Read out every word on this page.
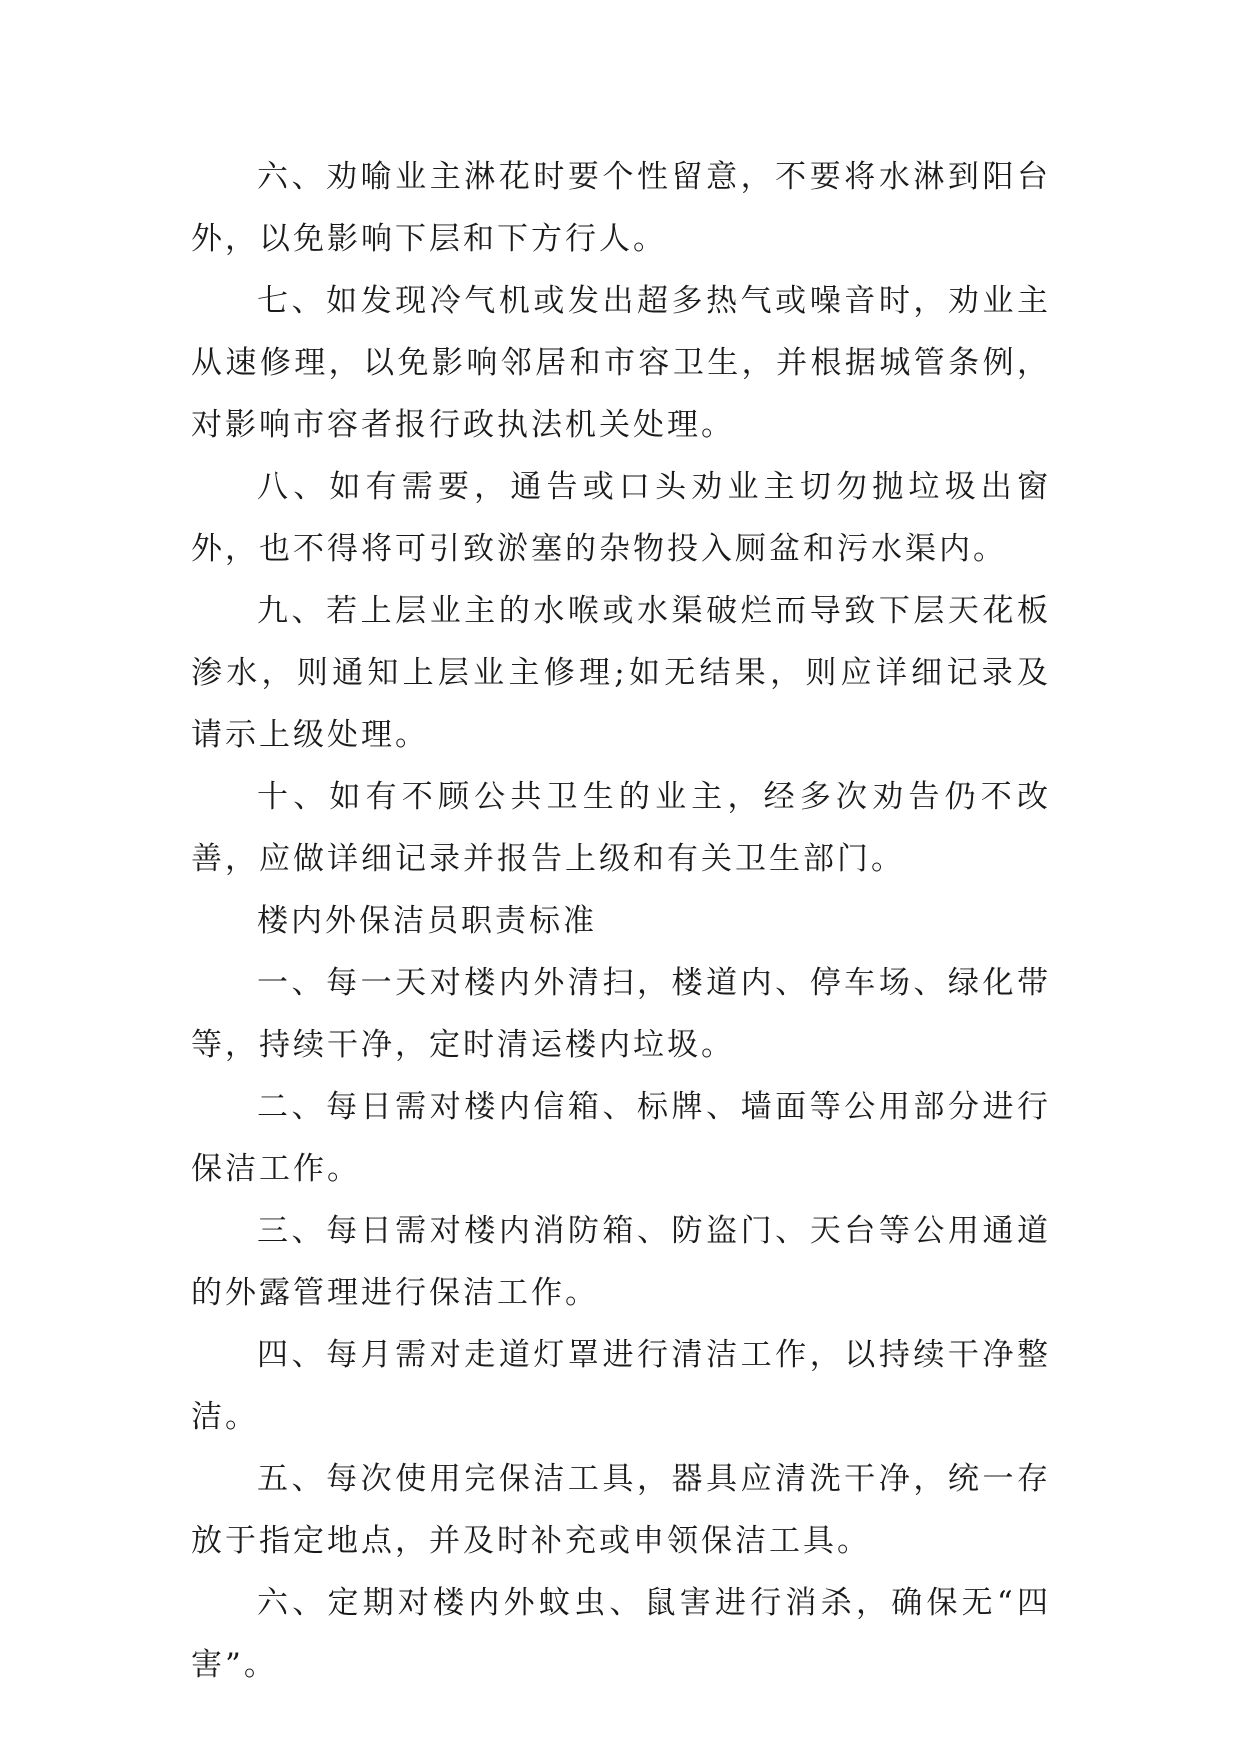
六、劝喻业主淋花时要个性留意，不要将水淋到阳台外，以免影响下层和下方行人。

七、如发现冷气机或发出超多热气或噪音时，劝业主从速修理，以免影响邻居和市容卫生，并根据城管条例，对影响市容者报行政执法机关处理。

八、如有需要，通告或口头劝业主切勿抛垃圾出窗外，也不得将可引致淤塞的杂物投入厕盆和污水渠内。

九、若上层业主的水喉或水渠破烂而导致下层天花板渗水，则通知上层业主修理;如无结果，则应详细记录及请示上级处理。

十、如有不顾公共卫生的业主，经多次劝告仍不改善，应做详细记录并报告上级和有关卫生部门。

楼内外保洁员职责标准

一、每一天对楼内外清扫，楼道内、停车场、绿化带等，持续干净，定时清运楼内垃圾。

二、每日需对楼内信箱、标牌、墙面等公用部分进行保洁工作。

三、每日需对楼内消防箱、防盗门、天台等公用通道的外露管理进行保洁工作。

四、每月需对走道灯罩进行清洁工作，以持续干净整洁。

五、每次使用完保洁工具，器具应清洗干净，统一存放于指定地点，并及时补充或申领保洁工具。

六、定期对楼内外蚊虫、鼠害进行消杀，确保无“四害”。
